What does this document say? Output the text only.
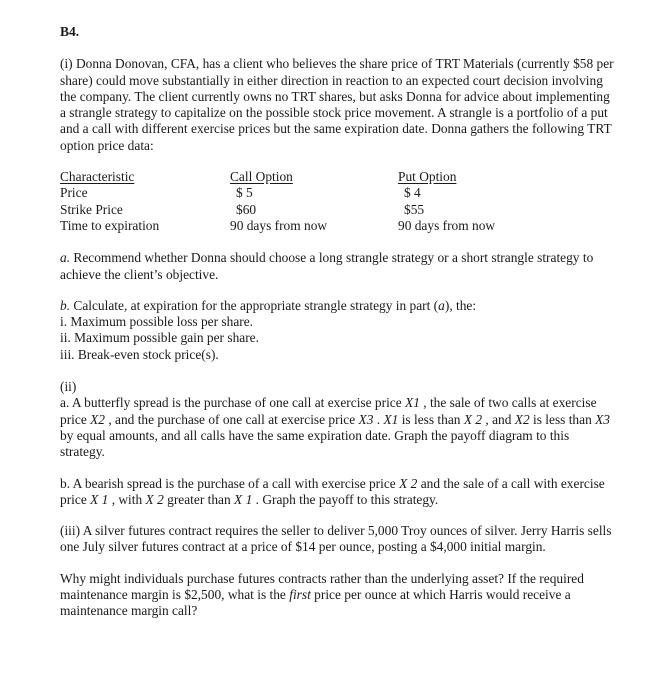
B4.

(i) Donna Donovan, CFA, has a client who believes the share price of TRT Materials (currently $58 per share) could move substantially in either direction in reaction to an expected court decision involving the company. The client currently owns no TRT shares, but asks Donna for advice about implementing a strangle strategy to capitalize on the possible stock price movement. A strangle is a portfolio of a put and a call with different exercise prices but the same expiration date. Donna gathers the following TRT option price data:

Characteristic	Call Option	Put Option
Price	$ 5	$ 4
Strike Price	$60	$55
Time to expiration	90 days from now	90 days from now

a. Recommend whether Donna should choose a long strangle strategy or a short strangle strategy to achieve the client’s objective.

b. Calculate, at expiration for the appropriate strangle strategy in part (a), the:
i. Maximum possible loss per share.
ii. Maximum possible gain per share.
iii. Break-even stock price(s).
(ii)
a. A butterfly spread is the purchase of one call at exercise price X1 , the sale of two calls at exercise price X2 , and the purchase of one call at exercise price X3 . X1 is less than X 2 , and X2 is less than X3 by equal amounts, and all calls have the same expiration date. Graph the payoff diagram to this strategy.

b. A bearish spread is the purchase of a call with exercise price X 2 and the sale of a call with exercise price X 1 , with X 2 greater than X 1 . Graph the payoff to this strategy.

(iii) A silver futures contract requires the seller to deliver 5,000 Troy ounces of silver. Jerry Harris sells one July silver futures contract at a price of $14 per ounce, posting a $4,000 initial margin.

Why might individuals purchase futures contracts rather than the underlying asset? If the required maintenance margin is $2,500, what is the first price per ounce at which Harris would receive a maintenance margin call?
